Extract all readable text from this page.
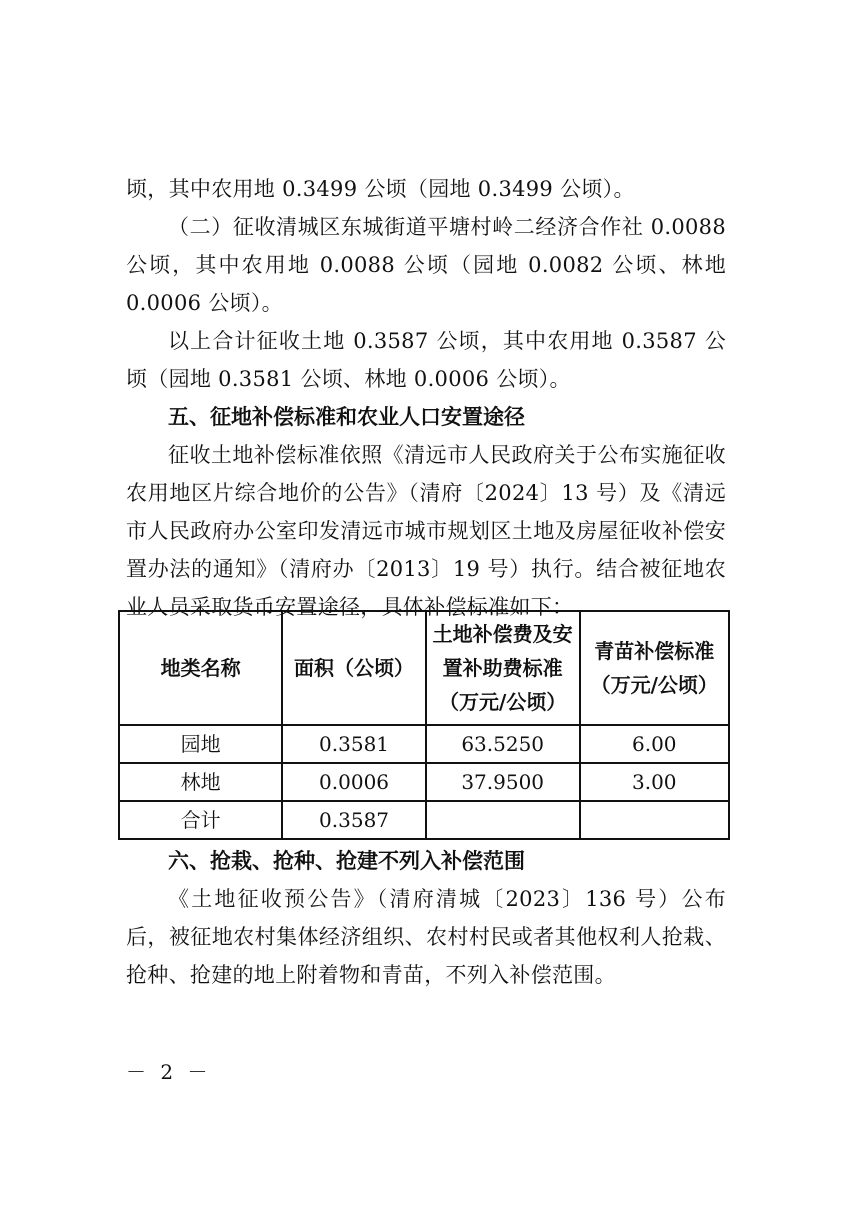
顷，其中农用地 0.3499 公顷（园地 0.3499 公顷）。

（二）征收清城区东城街道平塘村岭二经济合作社 0.0088 公顷，其中农用地 0.0088 公顷（园地 0.0082 公顷、林地 0.0006 公顷）。

以上合计征收土地 0.3587 公顷，其中农用地 0.3587 公顷（园地 0.3581 公顷、林地 0.0006 公顷）。

五、征地补偿标准和农业人口安置途径

征收土地补偿标准依照《清远市人民政府关于公布实施征收农用地区片综合地价的公告》（清府〔2024〕13 号）及《清远市人民政府办公室印发清远市城市规划区土地及房屋征收补偿安置办法的通知》（清府办〔2013〕19 号）执行。结合被征地农业人员采取货币安置途径，具体补偿标准如下：

地类名称	面积（公顷）	土地补偿费及安置补助费标准（万元/公顷）	青苗补偿标准（万元/公顷）
园地	0.3581	63.5250	6.00
林地	0.0006	37.9500	3.00
合计	0.3587		

六、抢栽、抢种、抢建不列入补偿范围

《土地征收预公告》（清府清城〔2023〕136 号）公布后，被征地农村集体经济组织、农村村民或者其他权利人抢栽、抢种、抢建的地上附着物和青苗，不列入补偿范围。

－ 2 －
